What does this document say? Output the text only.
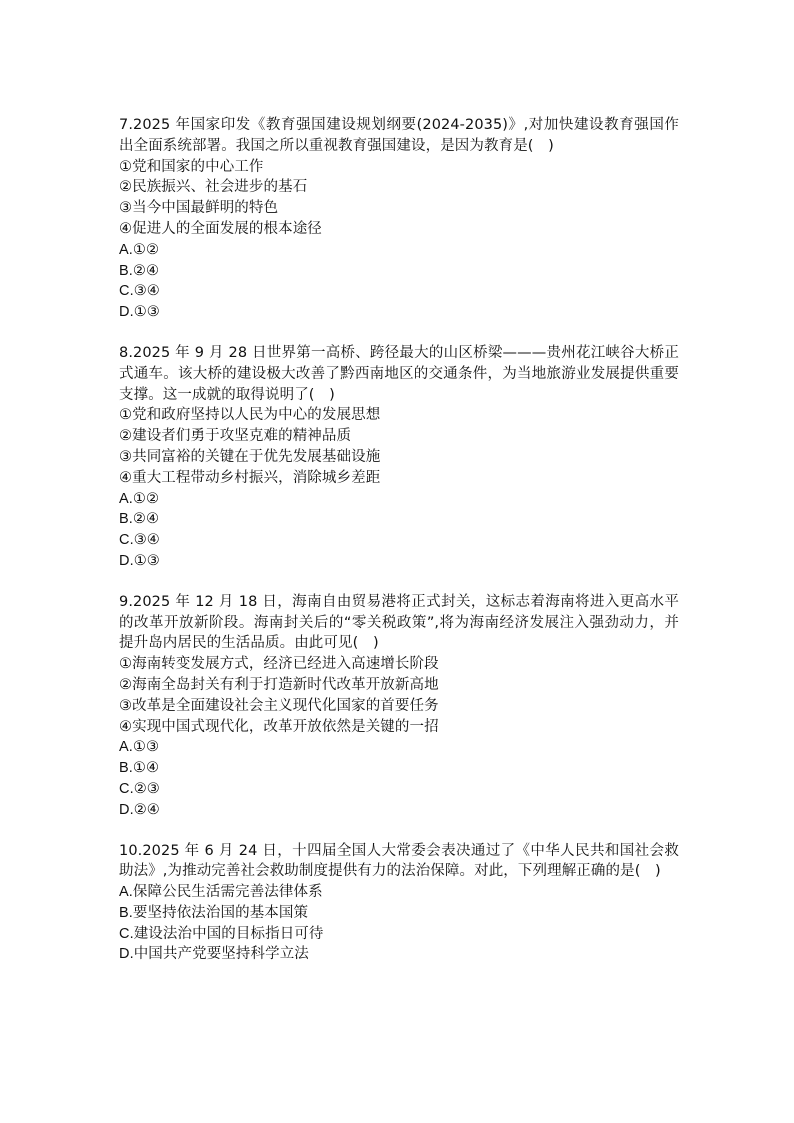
7.2025 年国家印发《教育强国建设规划纲要(2024-2035)》,对加快建设教育强国作出全面系统部署。我国之所以重视教育强国建设，是因为教育是(　)

①党和国家的中心工作

②民族振兴、社会进步的基石

③当今中国最鲜明的特色

④促进人的全面发展的根本途径

A.①②

B.②④

C.③④

D.①③

8.2025 年 9 月 28 日世界第一高桥、跨径最大的山区桥梁———贵州花江峡谷大桥正式通车。该大桥的建设极大改善了黔西南地区的交通条件，为当地旅游业发展提供重要支撑。这一成就的取得说明了(　)

①党和政府坚持以人民为中心的发展思想

②建设者们勇于攻坚克难的精神品质

③共同富裕的关键在于优先发展基础设施

④重大工程带动乡村振兴，消除城乡差距

A.①②

B.②④

C.③④

D.①③

9.2025 年 12 月 18 日，海南自由贸易港将正式封关，这标志着海南将进入更高水平的改革开放新阶段。海南封关后的“零关税政策”,将为海南经济发展注入强劲动力，并提升岛内居民的生活品质。由此可见(　)

①海南转变发展方式，经济已经进入高速增长阶段

②海南全岛封关有利于打造新时代改革开放新高地

③改革是全面建设社会主义现代化国家的首要任务

④实现中国式现代化，改革开放依然是关键的一招

A.①③

B.①④

C.②③

D.②④

10.2025 年 6 月 24 日，十四届全国人大常委会表决通过了《中华人民共和国社会救助法》,为推动完善社会救助制度提供有力的法治保障。对此，下列理解正确的是(　)

A.保障公民生活需完善法律体系

B.要坚持依法治国的基本国策

C.建设法治中国的目标指日可待

D.中国共产党要坚持科学立法
